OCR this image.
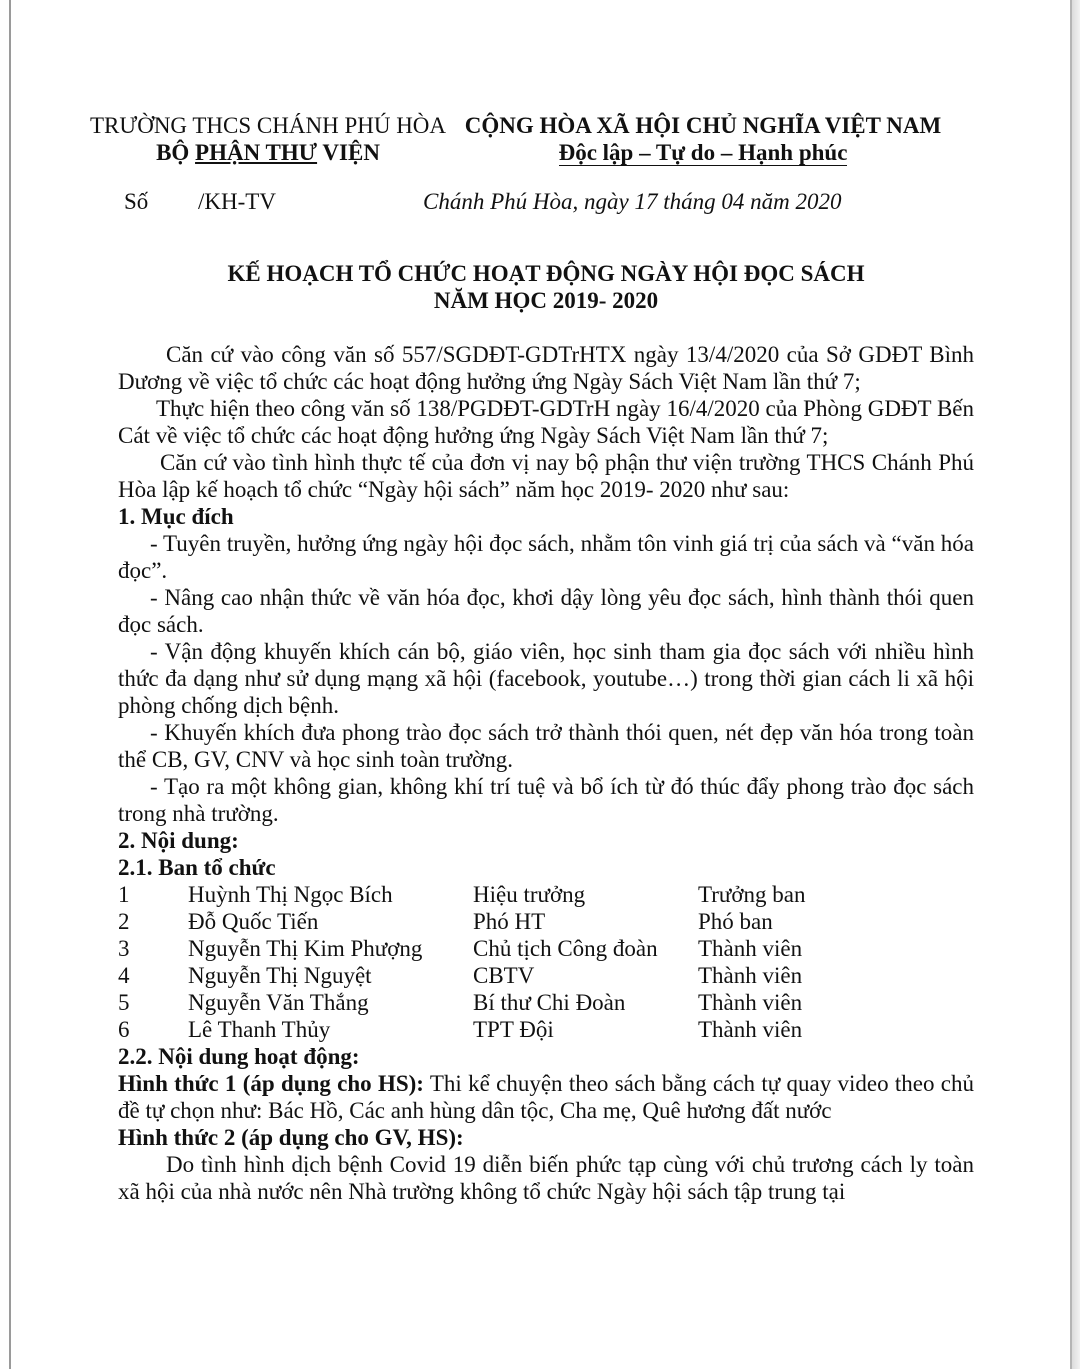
TRƯỜNG THCS CHÁNH PHÚ HÒA
BỘ PHẬN THƯ VIỆN
CỘNG HÒA XÃ HỘI CHỦ NGHĨA VIỆT NAM
Độc lập – Tự do – Hạnh phúc
Số /KH-TV	Chánh Phú Hòa, ngày 17 tháng 04 năm 2020
KẾ HOẠCH TỔ CHỨC HOẠT ĐỘNG NGÀY HỘI ĐỌC SÁCH
NĂM HỌC 2019- 2020

Căn cứ vào công văn số 557/SGDĐT-GDTrHTX ngày 13/4/2020 của Sở GDĐT Bình Dương về việc tổ chức các hoạt động hưởng ứng Ngày Sách Việt Nam lần thứ 7;

Thực hiện theo công văn số 138/PGDĐT-GDTrH ngày 16/4/2020 của Phòng GDĐT Bến Cát về việc tổ chức các hoạt động hưởng ứng Ngày Sách Việt Nam lần thứ 7;

Căn cứ vào tình hình thực tế của đơn vị nay bộ phận thư viện trường THCS Chánh Phú Hòa lập kế hoạch tổ chức “Ngày hội sách” năm học 2019- 2020 như sau:

1. Mục đích

- Tuyên truyền, hưởng ứng ngày hội đọc sách, nhằm tôn vinh giá trị của sách và “văn hóa đọc”.

- Nâng cao nhận thức về văn hóa đọc, khơi dậy lòng yêu đọc sách, hình thành thói quen đọc sách.

- Vận động khuyến khích cán bộ, giáo viên, học sinh tham gia đọc sách với nhiều hình thức đa dạng như sử dụng mạng xã hội (facebook, youtube…) trong thời gian cách li xã hội phòng chống dịch bệnh.

- Khuyến khích đưa phong trào đọc sách trở thành thói quen, nét đẹp văn hóa trong toàn thể CB, GV, CNV và học sinh toàn trường.

- Tạo ra một không gian, không khí trí tuệ và bổ ích từ đó thúc đẩy phong trào đọc sách trong nhà trường.

2. Nội dung:

2.1. Ban tổ chức

1	Huỳnh Thị Ngọc Bích	Hiệu trưởng	Trưởng ban
2	Đỗ Quốc Tiến	Phó HT	Phó ban
3	Nguyễn Thị Kim Phượng	Chủ tịch Công đoàn	Thành viên
4	Nguyễn Thị Nguyệt	CBTV	Thành viên
5	Nguyễn Văn Thắng	Bí thư Chi Đoàn	Thành viên
6	Lê Thanh Thủy	TPT Đội	Thành viên

2.2. Nội dung hoạt động:

Hình thức 1 (áp dụng cho HS): Thi kể chuyện theo sách bằng cách tự quay video theo chủ đề tự chọn như: Bác Hồ, Các anh hùng dân tộc, Cha mẹ, Quê hương đất nước

Hình thức 2 (áp dụng cho GV, HS):

Do tình hình dịch bệnh Covid 19 diễn biến phức tạp cùng với chủ trương cách ly toàn xã hội của nhà nước nên Nhà trường không tổ chức Ngày hội sách tập trung tại
